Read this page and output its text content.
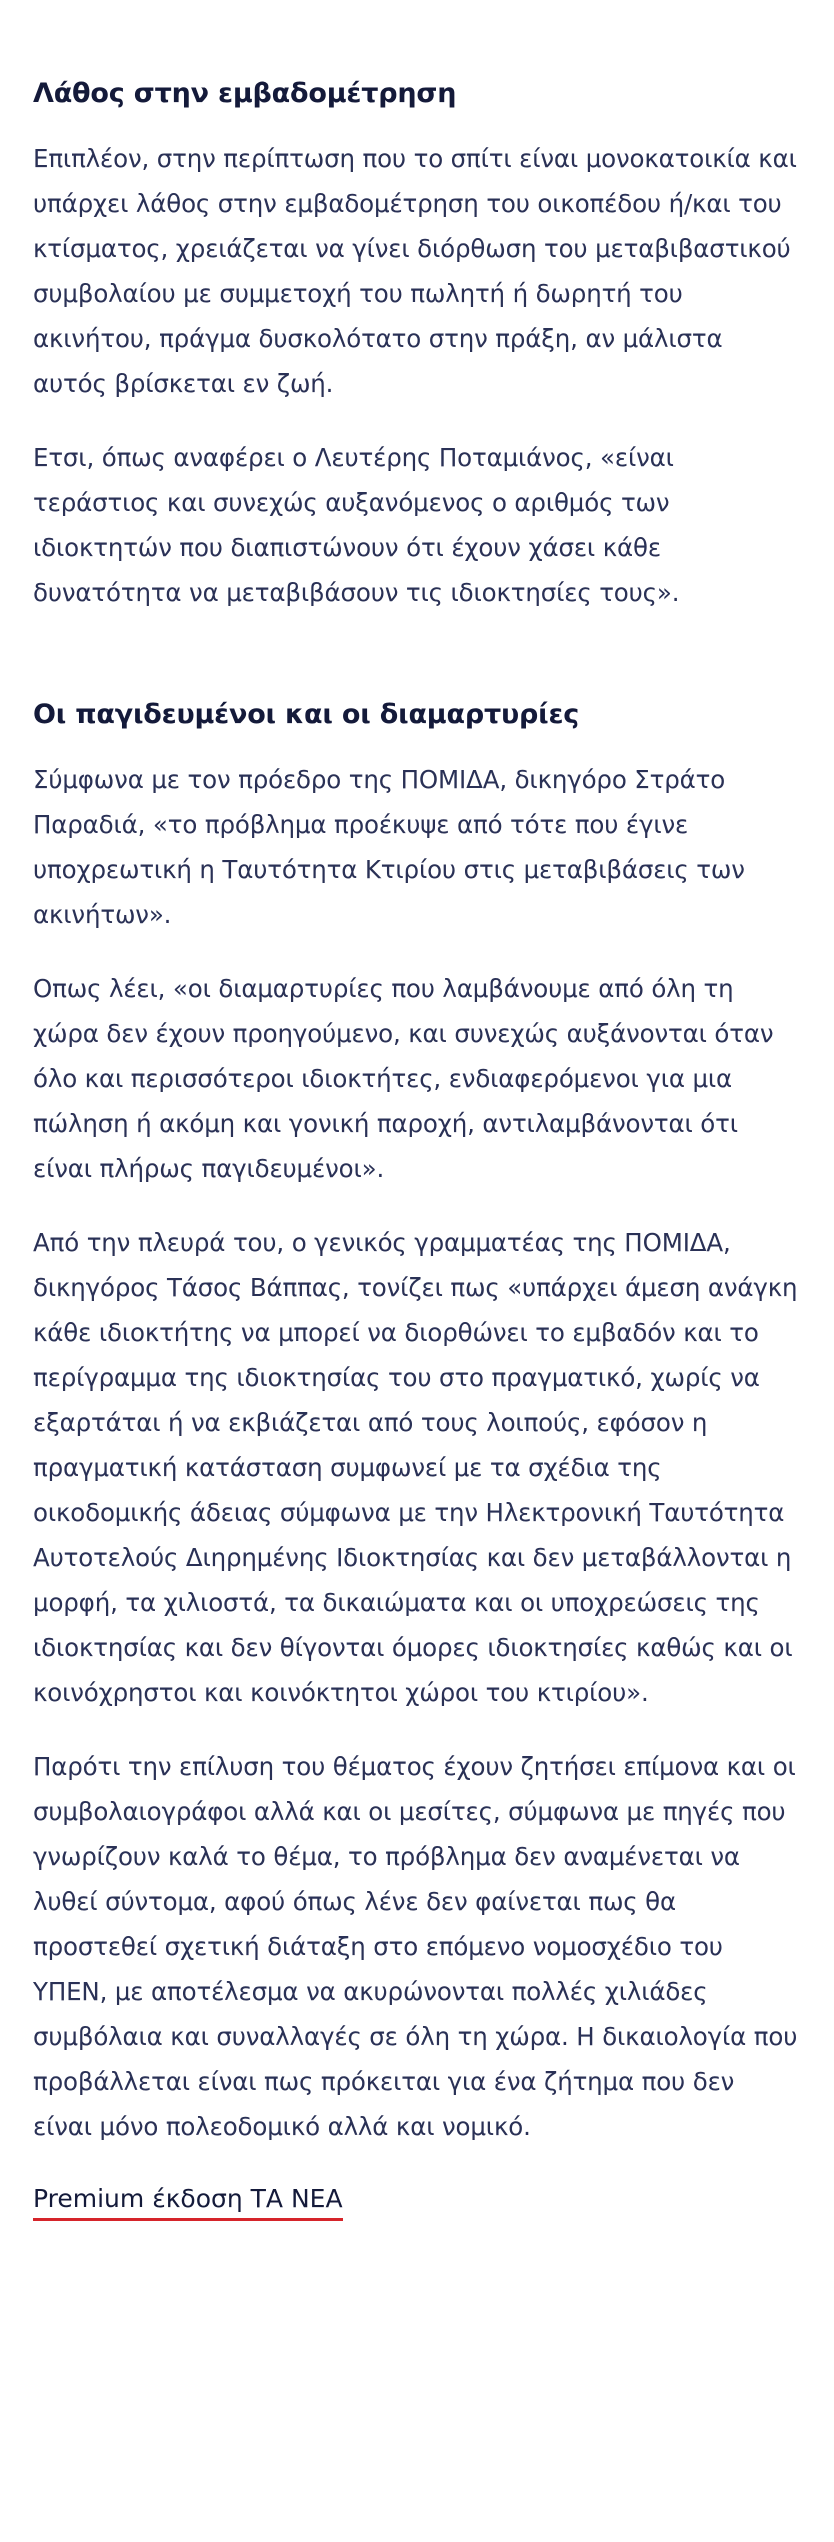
Λάθος στην εμβαδομέτρηση

Επιπλέον, στην περίπτωση που το σπίτι είναι μονοκατοικία και υπάρχει λάθος στην εμβαδομέτρηση του οικοπέδου ή/και του κτίσματος, χρειάζεται να γίνει διόρθωση του μεταβιβαστικού συμβολαίου με συμμετοχή του πωλητή ή δωρητή του ακινήτου, πράγμα δυσκολότατο στην πράξη, αν μάλιστα αυτός βρίσκεται εν ζωή.

Ετσι, όπως αναφέρει ο Λευτέρης Ποταμιάνος, «είναι τεράστιος και συνεχώς αυξανόμενος ο αριθμός των ιδιοκτητών που διαπιστώνουν ότι έχουν χάσει κάθε δυνατότητα να μεταβιβάσουν τις ιδιοκτησίες τους».

Οι παγιδευμένοι και οι διαμαρτυρίες

Σύμφωνα με τον πρόεδρο της ΠΟΜΙΔΑ, δικηγόρο Στράτο Παραδιά, «το πρόβλημα προέκυψε από τότε που έγινε υποχρεωτική η Ταυτότητα Κτιρίου στις μεταβιβάσεις των ακινήτων».

Οπως λέει, «οι διαμαρτυρίες που λαμβάνουμε από όλη τη χώρα δεν έχουν προηγούμενο, και συνεχώς αυξάνονται όταν όλο και περισσότεροι ιδιοκτήτες, ενδιαφερόμενοι για μια πώληση ή ακόμη και γονική παροχή, αντιλαμβάνονται ότι είναι πλήρως παγιδευμένοι».

Από την πλευρά του, ο γενικός γραμματέας της ΠΟΜΙΔΑ, δικηγόρος Τάσος Βάππας, τονίζει πως «υπάρχει άμεση ανάγκη κάθε ιδιοκτήτης να μπορεί να διορθώνει το εμβαδόν και το περίγραμμα της ιδιοκτησίας του στο πραγματικό, χωρίς να εξαρτάται ή να εκβιάζεται από τους λοιπούς, εφόσον η πραγματική κατάσταση συμφωνεί με τα σχέδια της οικοδομικής άδειας σύμφωνα με την Ηλεκτρονική Ταυτότητα Αυτοτελούς Διηρημένης Ιδιοκτησίας και δεν μεταβάλλονται η μορφή, τα χιλιοστά, τα δικαιώματα και οι υποχρεώσεις της ιδιοκτησίας και δεν θίγονται όμορες ιδιοκτησίες καθώς και οι κοινόχρηστοι και κοινόκτητοι χώροι του κτιρίου».

Παρότι την επίλυση του θέματος έχουν ζητήσει επίμονα και οι συμβολαιογράφοι αλλά και οι μεσίτες, σύμφωνα με πηγές που γνωρίζουν καλά το θέμα, το πρόβλημα δεν αναμένεται να λυθεί σύντομα, αφού όπως λένε δεν φαίνεται πως θα προστεθεί σχετική διάταξη στο επόμενο νομοσχέδιο του ΥΠΕΝ, με αποτέλεσμα να ακυρώνονται πολλές χιλιάδες συμβόλαια και συναλλαγές σε όλη τη χώρα. Η δικαιολογία που προβάλλεται είναι πως πρόκειται για ένα ζήτημα που δεν είναι μόνο πολεοδομικό αλλά και νομικό.

Premium έκδοση ΤΑ ΝΕΑ
